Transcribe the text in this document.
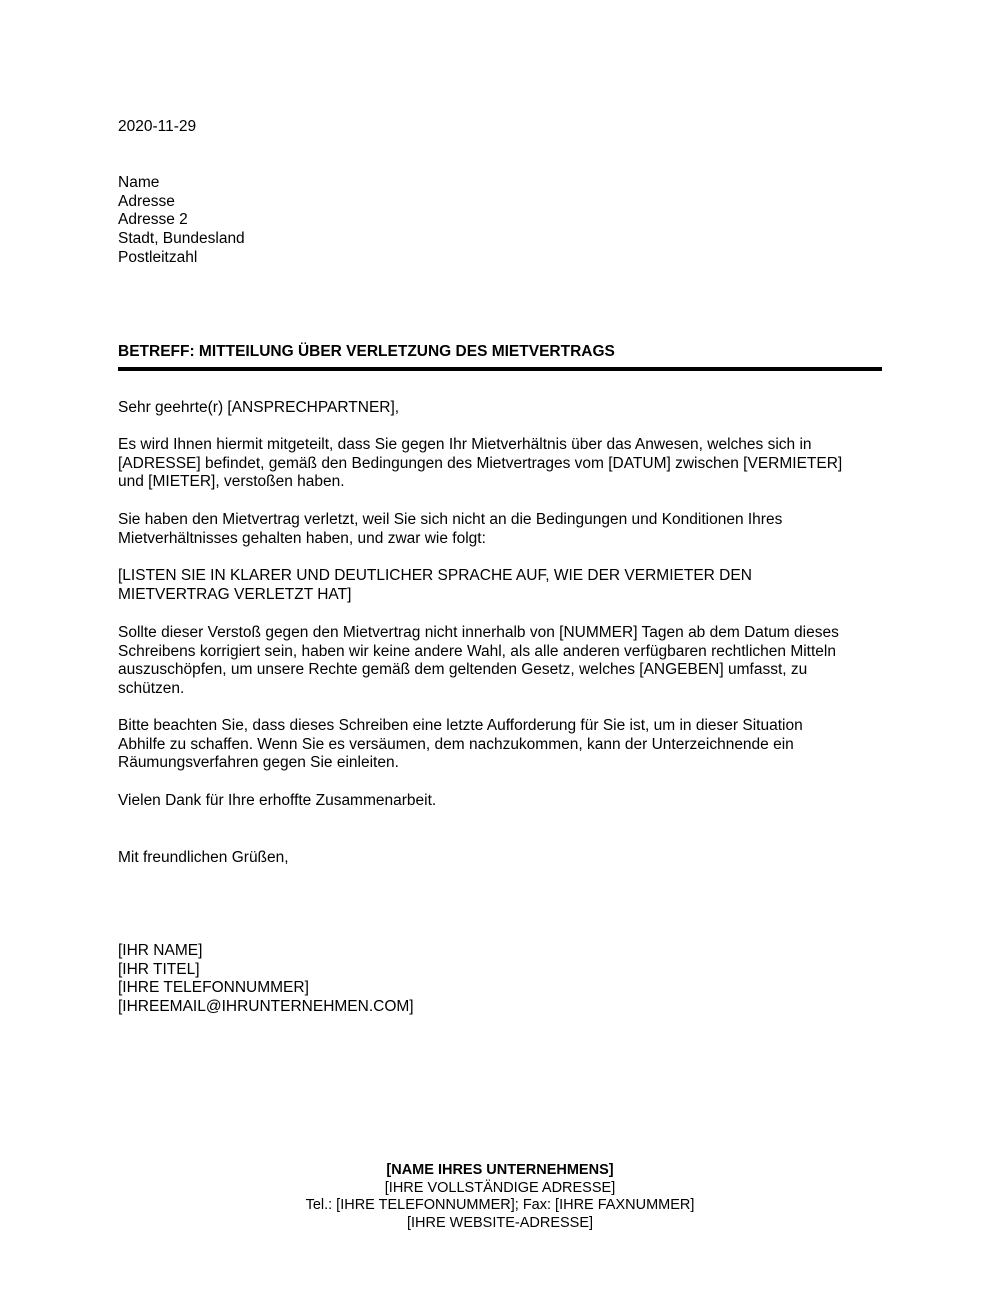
2020-11-29
Name
Adresse
Adresse 2
Stadt, Bundesland
Postleitzahl
BETREFF: MITTEILUNG ÜBER VERLETZUNG DES MIETVERTRAGS
Sehr geehrte(r) [ANSPRECHPARTNER],
Es wird Ihnen hiermit mitgeteilt, dass Sie gegen Ihr Mietverhältnis über das Anwesen, welches sich in
[ADRESSE] befindet, gemäß den Bedingungen des Mietvertrages vom [DATUM] zwischen [VERMIETER]
und [MIETER], verstoßen haben.
Sie haben den Mietvertrag verletzt, weil Sie sich nicht an die Bedingungen und Konditionen Ihres
Mietverhältnisses gehalten haben, und zwar wie folgt:
[LISTEN SIE IN KLARER UND DEUTLICHER SPRACHE AUF, WIE DER VERMIETER DEN
MIETVERTRAG VERLETZT HAT]
Sollte dieser Verstoß gegen den Mietvertrag nicht innerhalb von [NUMMER] Tagen ab dem Datum dieses
Schreibens korrigiert sein, haben wir keine andere Wahl, als alle anderen verfügbaren rechtlichen Mitteln
auszuschöpfen, um unsere Rechte gemäß dem geltenden Gesetz, welches [ANGEBEN] umfasst, zu
schützen.
Bitte beachten Sie, dass dieses Schreiben eine letzte Aufforderung für Sie ist, um in dieser Situation
Abhilfe zu schaffen. Wenn Sie es versäumen, dem nachzukommen, kann der Unterzeichnende ein
Räumungsverfahren gegen Sie einleiten.
Vielen Dank für Ihre erhoffte Zusammenarbeit.
Mit freundlichen Grüßen,
[IHR NAME]
[IHR TITEL]
[IHRE TELEFONNUMMER]
[IHREEMAIL@IHRUNTERNEHMEN.COM]
[NAME IHRES UNTERNEHMENS]
[IHRE VOLLSTÄNDIGE ADRESSE]
Tel.: [IHRE TELEFONNUMMER]; Fax: [IHRE FAXNUMMER]
[IHRE WEBSITE-ADRESSE]
